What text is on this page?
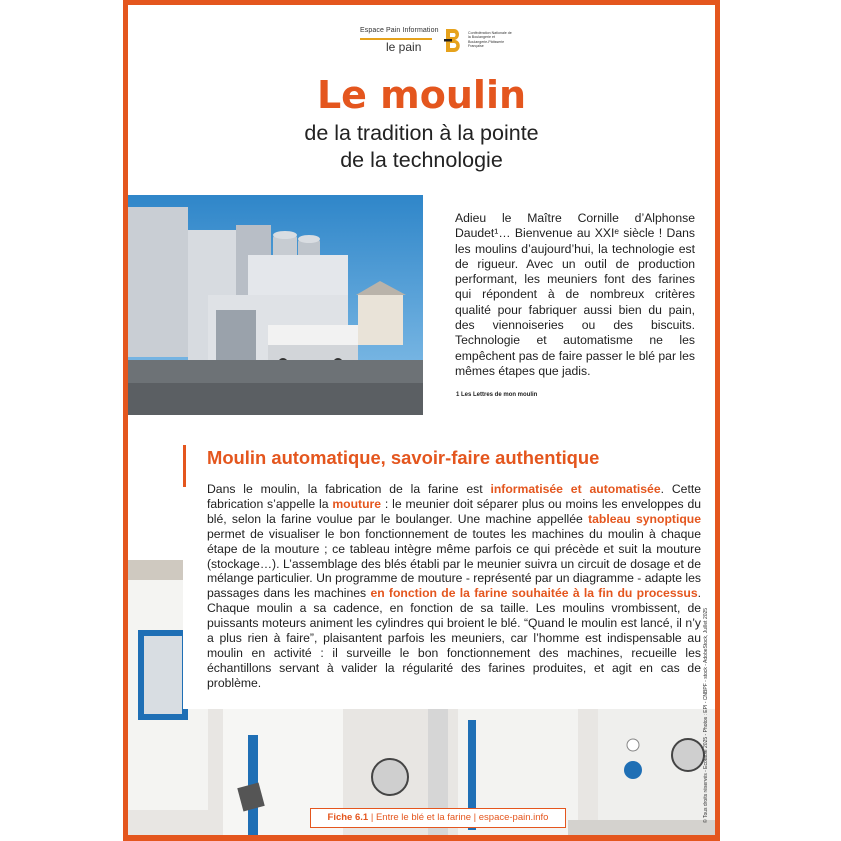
Espace Pain Information
le pain
Confédération Nationale de la Boulangerie et Boulangerie-Pâtisserie Française
Le moulin
de la tradition à la pointe
de la technologie
Adieu le Maître Cornille d’Alphonse Daudet¹… Bienvenue au XXIᵉ siècle ! Dans les moulins d’aujourd’hui, la technologie est de rigueur. Avec un outil de production performant, les meuniers font des farines qui répondent à de nombreux critères qualité pour fabriquer aussi bien du pain, des viennoiseries ou des biscuits. Technologie et automatisme ne les empêchent pas de faire passer le blé par les mêmes étapes que jadis.
1 Les Lettres de mon moulin
Moulin automatique, savoir-faire authentique
Dans le moulin, la fabrication de la farine est informatisée et automatisée. Cette fabrication s’appelle la mouture : le meunier doit séparer plus ou moins les enveloppes du blé, selon la farine voulue par le boulanger. Une machine appellée tableau synoptique permet de visualiser le bon fonctionnement de toutes les machines du moulin à chaque étape de la mouture ; ce tableau intègre même parfois ce qui précède et suit la mouture (stockage…). L’assemblage des blés établi par le meunier suivra un circuit de dosage et de mélange particulier. Un programme de mouture - représenté par un diagramme - adapte les passages dans les machines en fonction de la farine souhaitée à la fin du processus. Chaque moulin a sa cadence, en fonction de sa taille. Les moulins vrombissent, de puissants moteurs animent les cylindres qui broient le blé. “Quand le moulin est lancé, il n’y a plus rien à faire”, plaisantent parfois les meuniers, car l’homme est indispensable au moulin en activité : il surveille le bon fonctionnement des machines, recueille les échantillons servant à valider la régularité des farines produites, et agit en cas de problème.
Fiche 6.1 | Entre le blé et la farine | espace-pain.info	© Tous droits réservés - Ecotable 2025 - Photos : EPI - CNBPF - stock - AdobeStock, Juillet 2025
